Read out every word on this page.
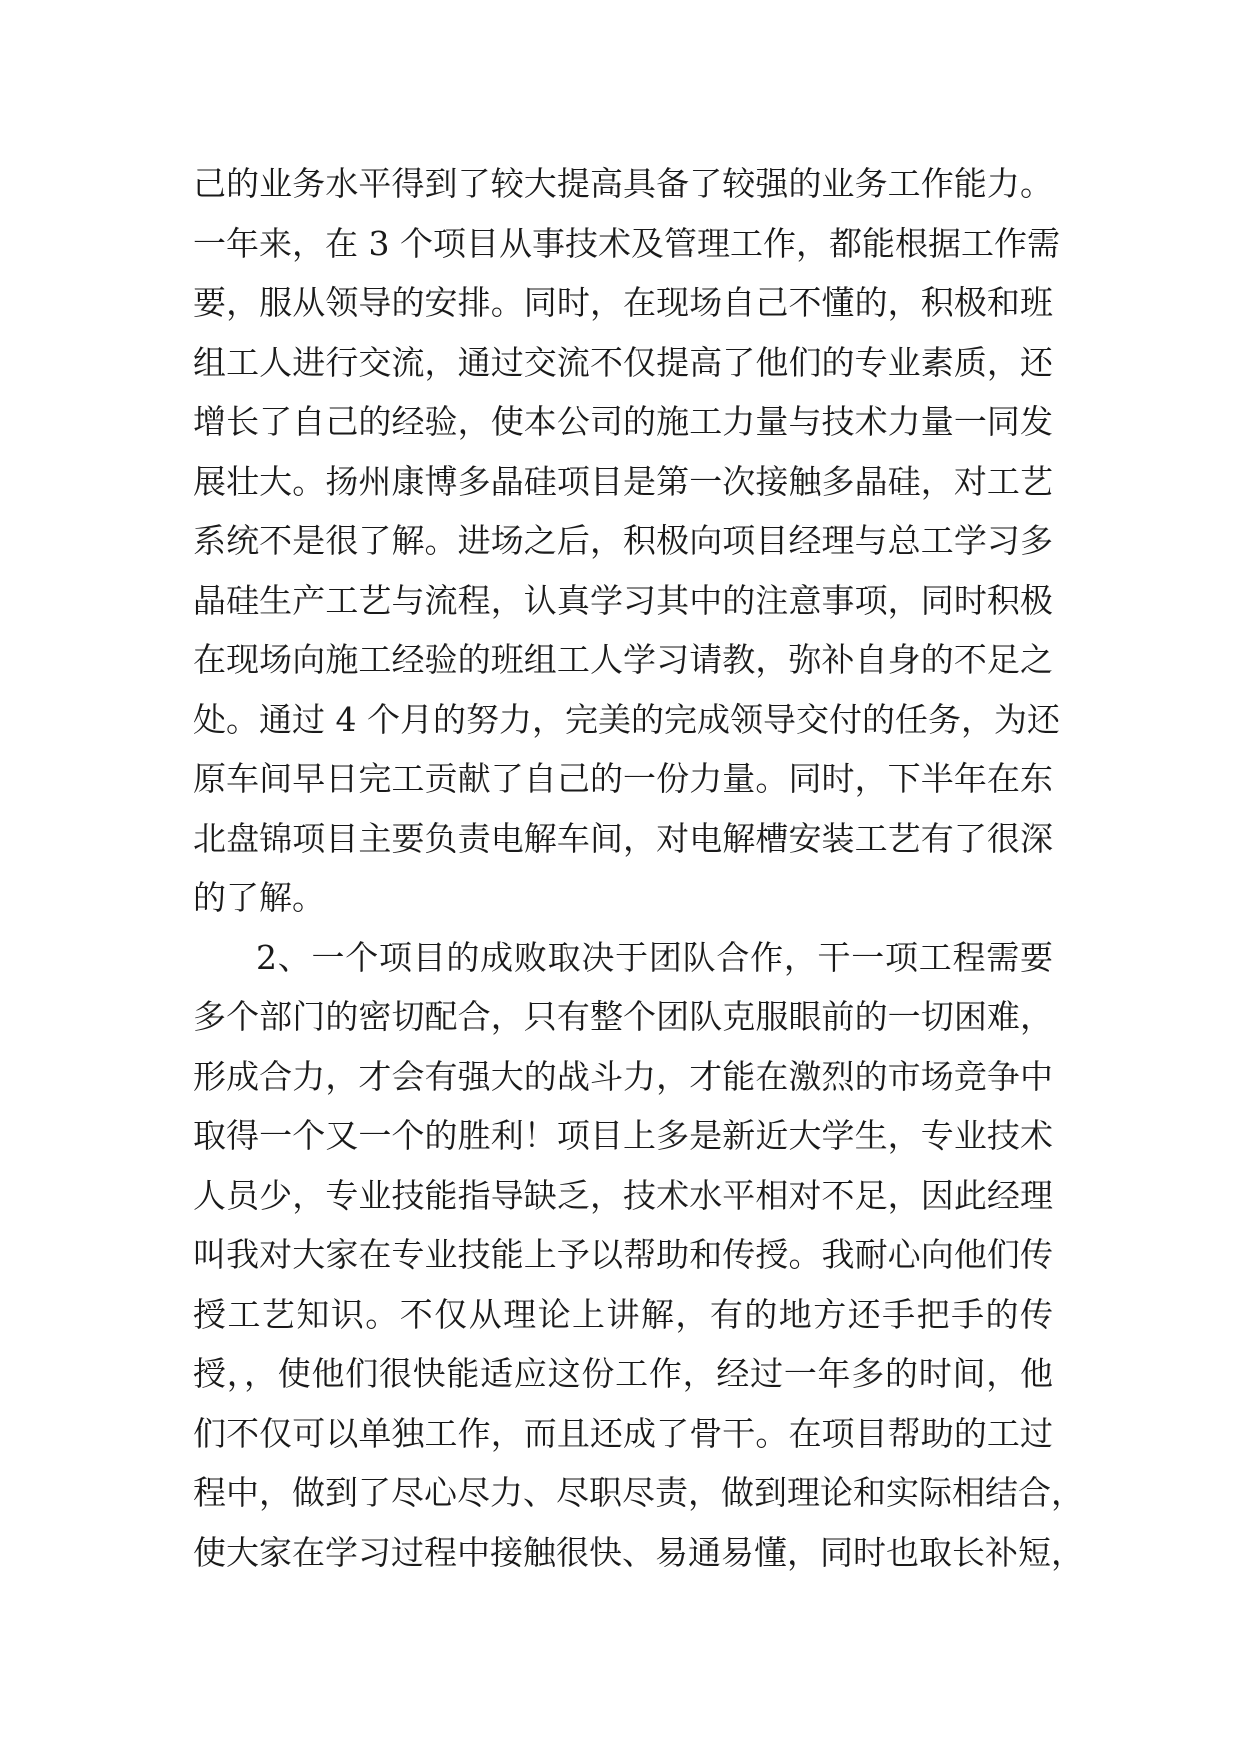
己的业务水平得到了较大提高具备了较强的业务工作能力。
一年来，在 3 个项目从事技术及管理工作，都能根据工作需
要，服从领导的安排。同时，在现场自己不懂的，积极和班
组工人进行交流，通过交流不仅提高了他们的专业素质，还
增长了自己的经验，使本公司的施工力量与技术力量一同发
展壮大。扬州康博多晶硅项目是第一次接触多晶硅，对工艺
系统不是很了解。进场之后，积极向项目经理与总工学习多
晶硅生产工艺与流程，认真学习其中的注意事项，同时积极
在现场向施工经验的班组工人学习请教，弥补自身的不足之
处。通过 4 个月的努力，完美的完成领导交付的任务，为还
原车间早日完工贡献了自己的一份力量。同时，下半年在东
北盘锦项目主要负责电解车间，对电解槽安装工艺有了很深
的了解。
2、一个项目的成败取决于团队合作，干一项工程需要
多个部门的密切配合，只有整个团队克服眼前的一切困难，
形成合力，才会有强大的战斗力，才能在激烈的市场竞争中
取得一个又一个的胜利！项目上多是新近大学生，专业技术
人员少，专业技能指导缺乏，技术水平相对不足，因此经理
叫我对大家在专业技能上予以帮助和传授。我耐心向他们传
授工艺知识。不仅从理论上讲解，有的地方还手把手的传
授，，使他们很快能适应这份工作，经过一年多的时间，他
们不仅可以单独工作，而且还成了骨干。在项目帮助的工过
程中，做到了尽心尽力、尽职尽责，做到理论和实际相结合，
使大家在学习过程中接触很快、易通易懂，同时也取长补短，
